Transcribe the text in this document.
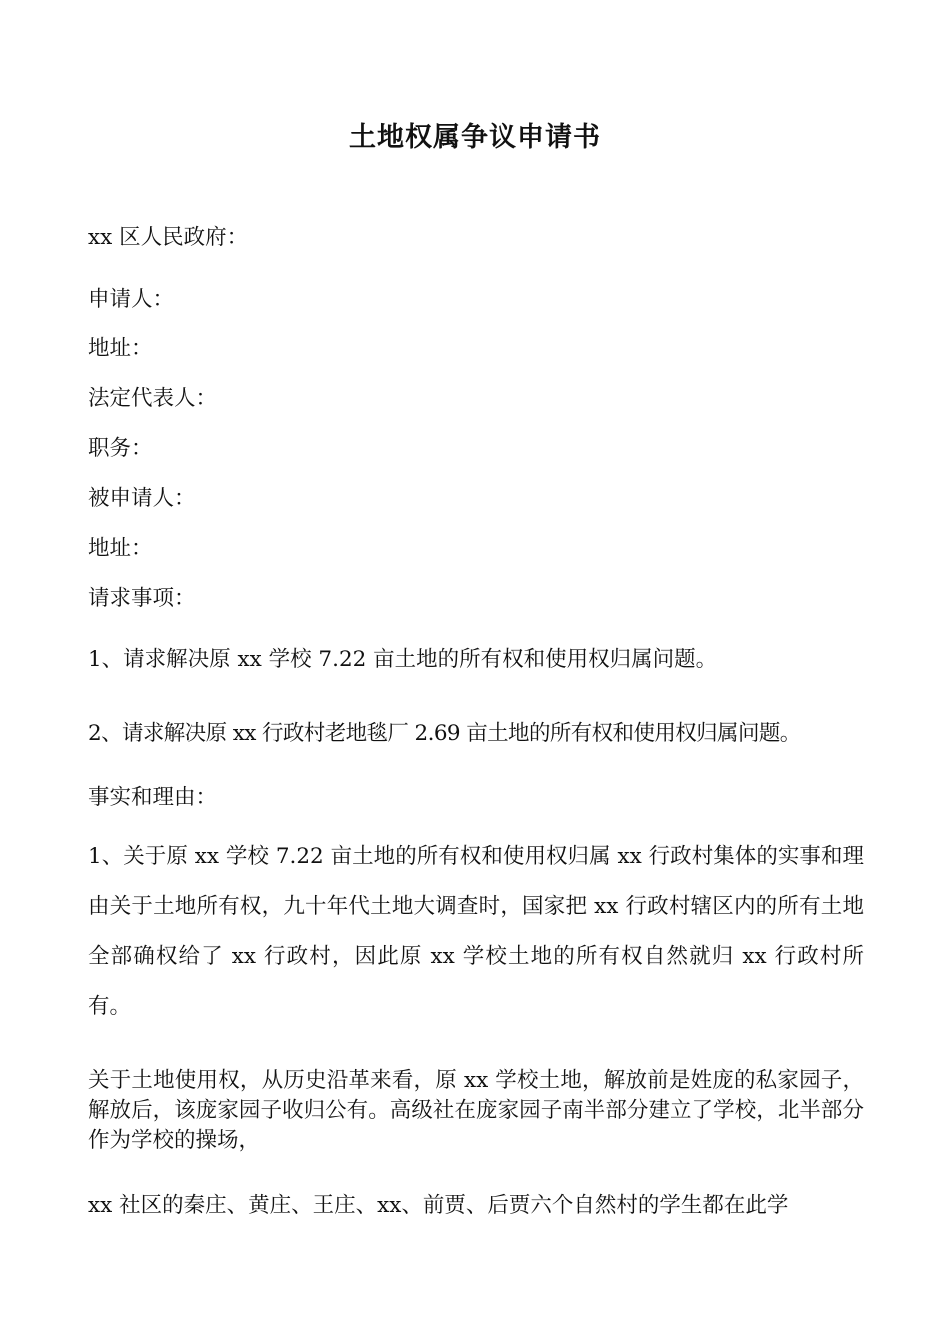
土地权属争议申请书
xx 区人民政府：
申请人：
地址：
法定代表人：
职务：
被申请人：
地址：
请求事项：
1、请求解决原 xx 学校 7.22 亩土地的所有权和使用权归属问题。
2、请求解决原 xx 行政村老地毯厂 2.69 亩土地的所有权和使用权归属问题。
事实和理由：
1、关于原 xx 学校 7.22 亩土地的所有权和使用权归属 xx 行政村集体的实事和理由关于土地所有权，九十年代土地大调查时，国家把 xx 行政村辖区内的所有土地全部确权给了 xx 行政村，因此原 xx 学校土地的所有权自然就归 xx 行政村所有。
关于土地使用权，从历史沿革来看，原 xx 学校土地，解放前是姓庞的私家园子，解放后，该庞家园子收归公有。高级社在庞家园子南半部分建立了学校，北半部分作为学校的操场，
xx 社区的秦庄、黄庄、王庄、xx、前贾、后贾六个自然村的学生都在此学
